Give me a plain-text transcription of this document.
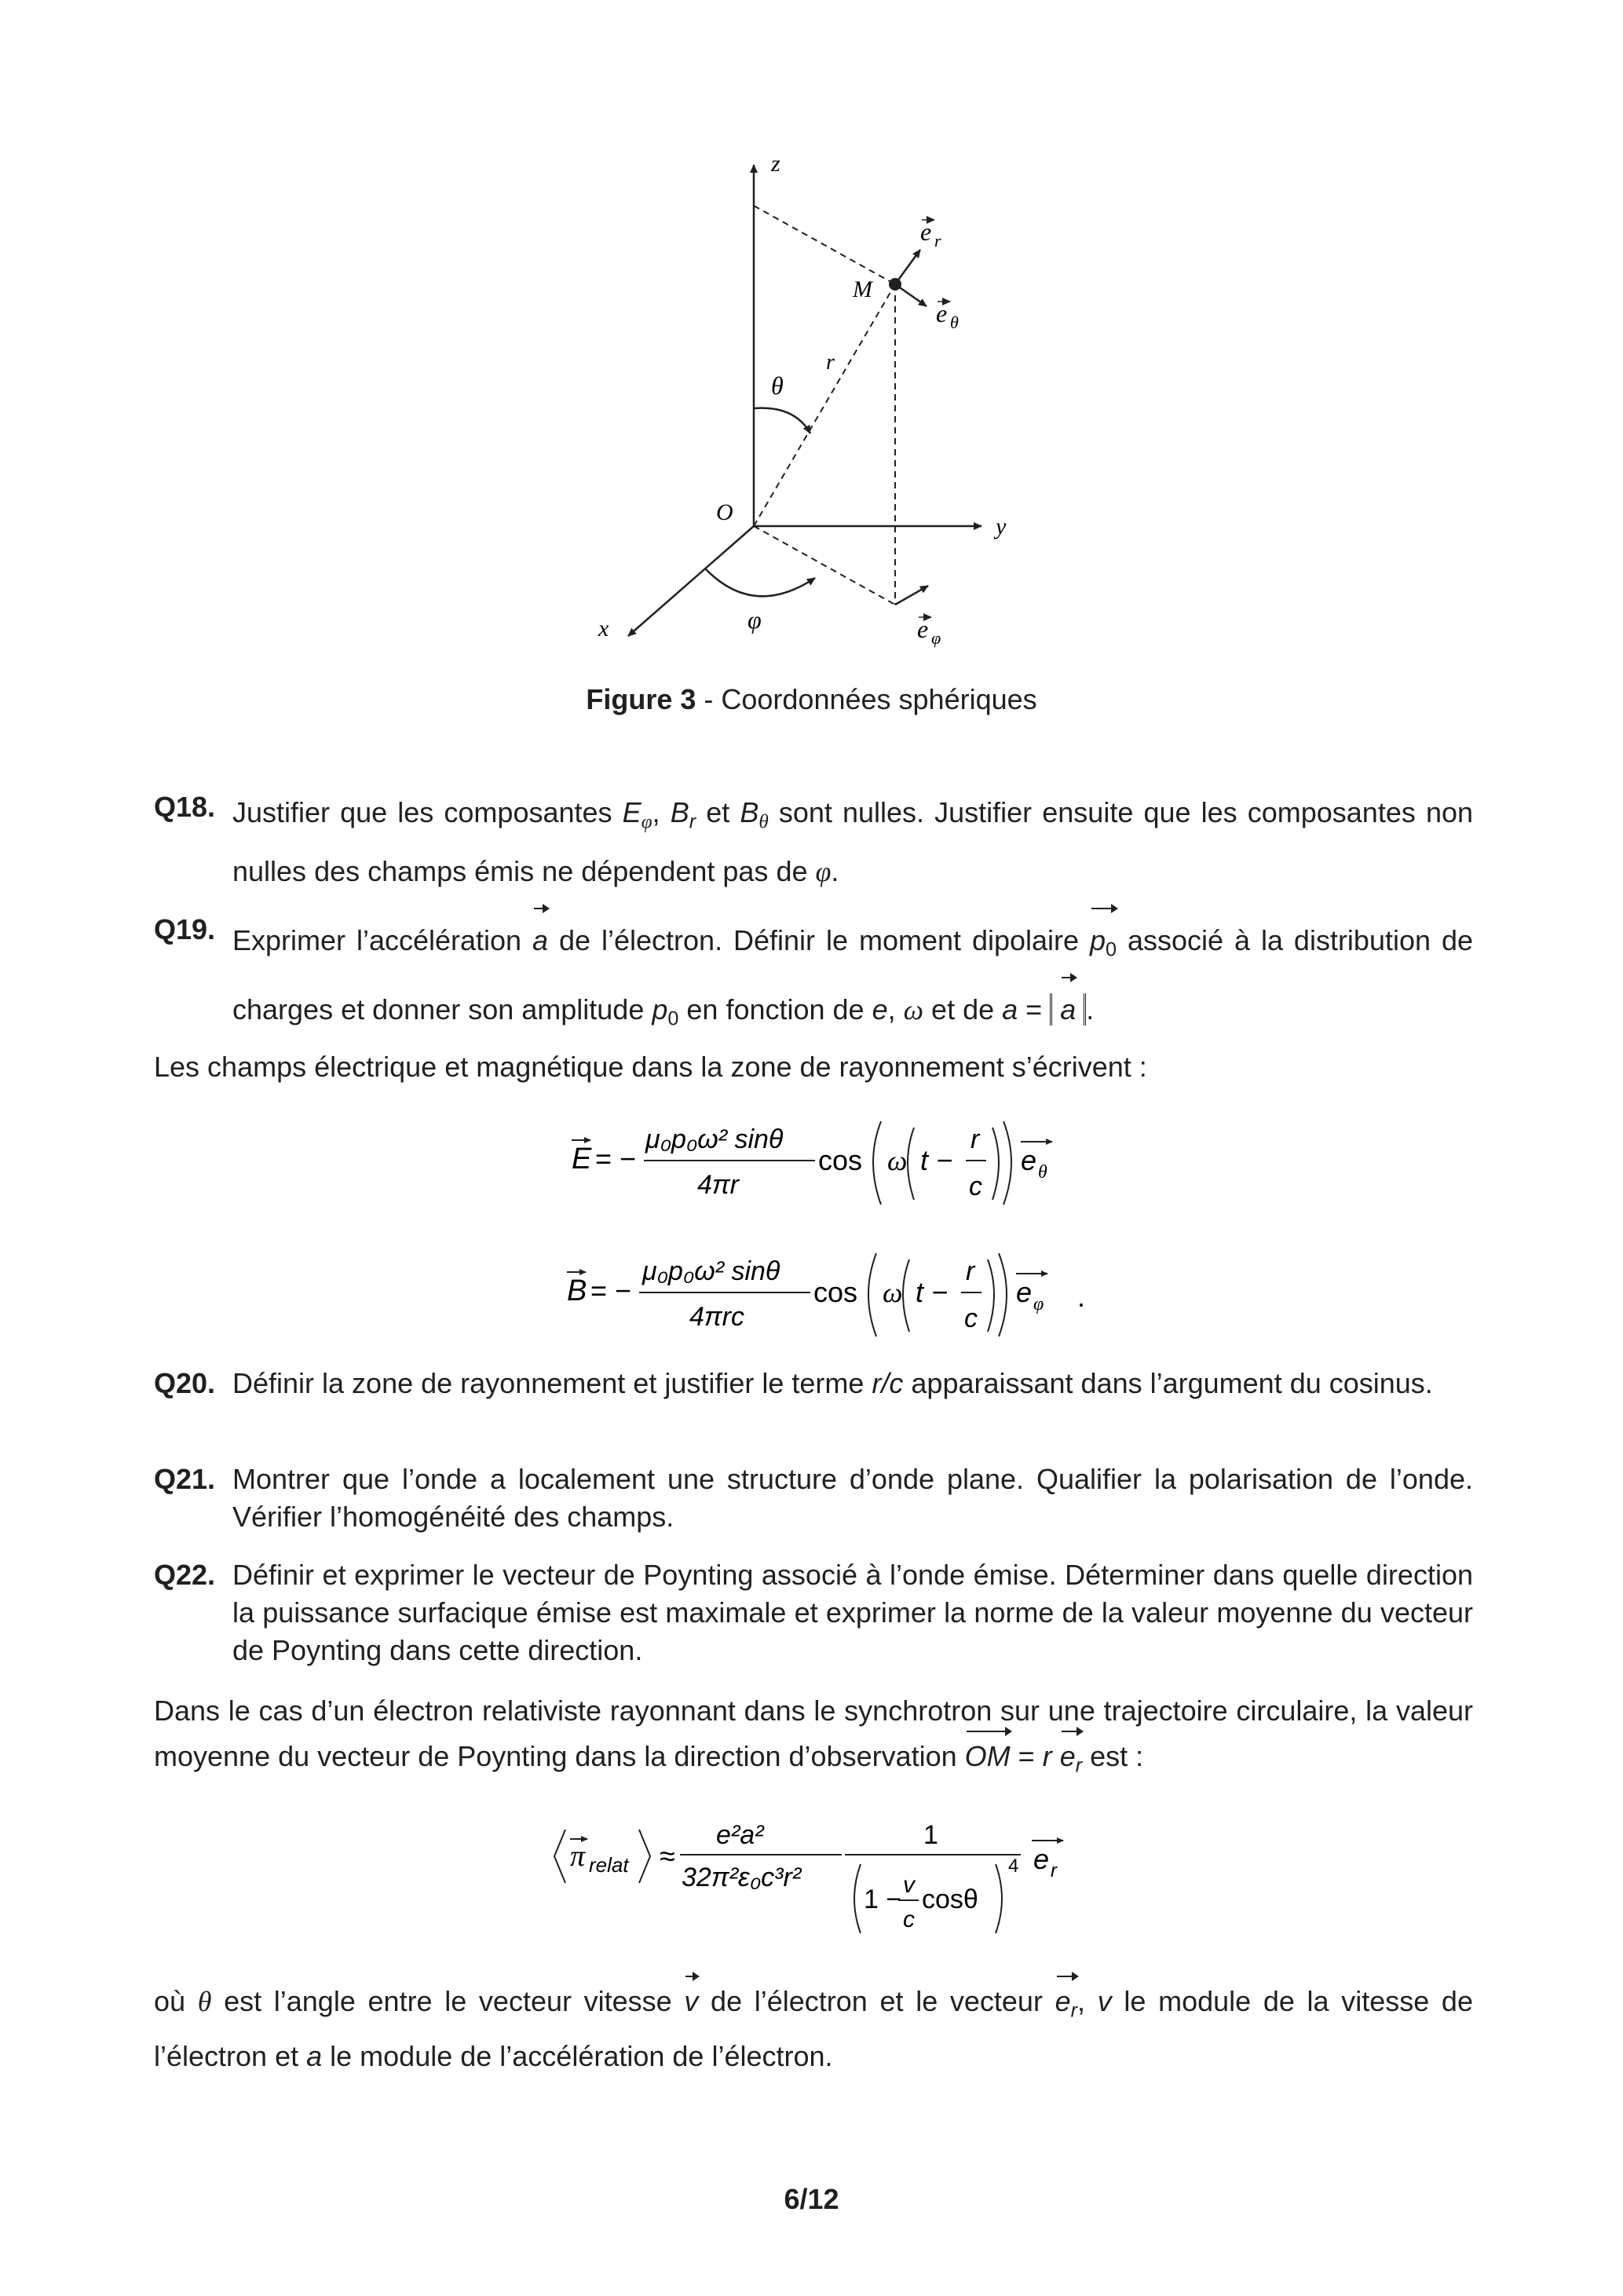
z
y
x
O
M
r
θ
φ
e r
e θ
e φ
Figure 3 - Coordonnées sphériques
Q18. Justifier que les composantes $E_\varphi$, $B_r$ et $B_\theta$ sont nulles. Justifier ensuite que les composantes non nulles des champs émis ne dépendent pas de φ.
Q19. Exprimer l’accélération a de l’électron. Définir le moment dipolaire $p_0$ associé à la distribution de charges et donner son amplitude $p_0$ en fonction de e, ω et de a = a .
Les champs électrique et magnétique dans la zone de rayonnement s’écrivent :
E = −
μ₀p₀ω² sinθ
4πr
cos ω t −
r
c
e θ
B = −
μ₀p₀ω² sinθ
4πrc
cos ω t −
r
c
e φ .
Q20. Définir la zone de rayonnement et justifier le terme r/c apparaissant dans l’argument du cosinus.
Q21. Montrer que l’onde a localement une structure d’onde plane. Qualifier la polarisation de l’onde. Vérifier l’homogénéité des champs.
Q22. Définir et exprimer le vecteur de Poynting associé à l’onde émise. Déterminer dans quelle direction la puissance surfacique émise est maximale et exprimer la norme de la valeur moyenne du vecteur de Poynting dans cette direction.
Dans le cas d’un électron relativiste rayonnant dans le synchrotron sur une trajectoire circulaire, la valeur moyenne du vecteur de Poynting dans la direction d’observation OM = r $e_r$ est :
π relat ≈
e²a²
32π²ε₀c³r²
1
1 − v
c
cosθ
4 e r
où θ est l’angle entre le vecteur vitesse v de l’électron et le vecteur $e_r$, v le module de la vitesse de l’électron et a le module de l’accélération de l’électron.
6/12
